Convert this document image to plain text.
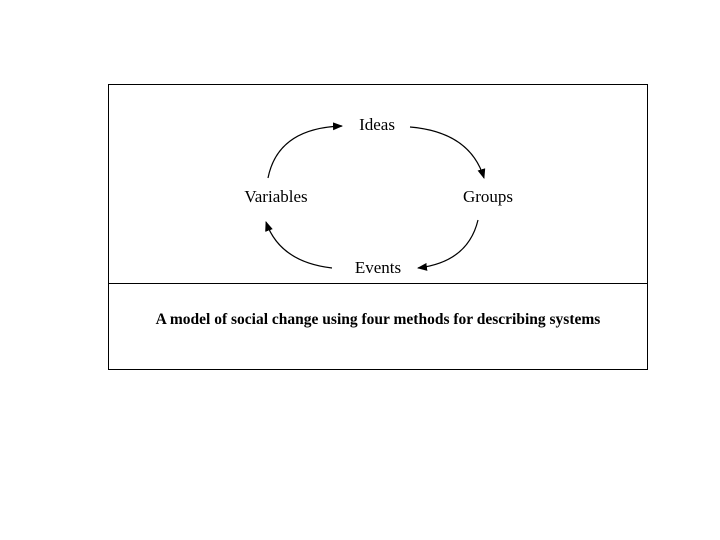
A model of social change using four methods for describing systems
Ideas
Groups
Events
Variables
